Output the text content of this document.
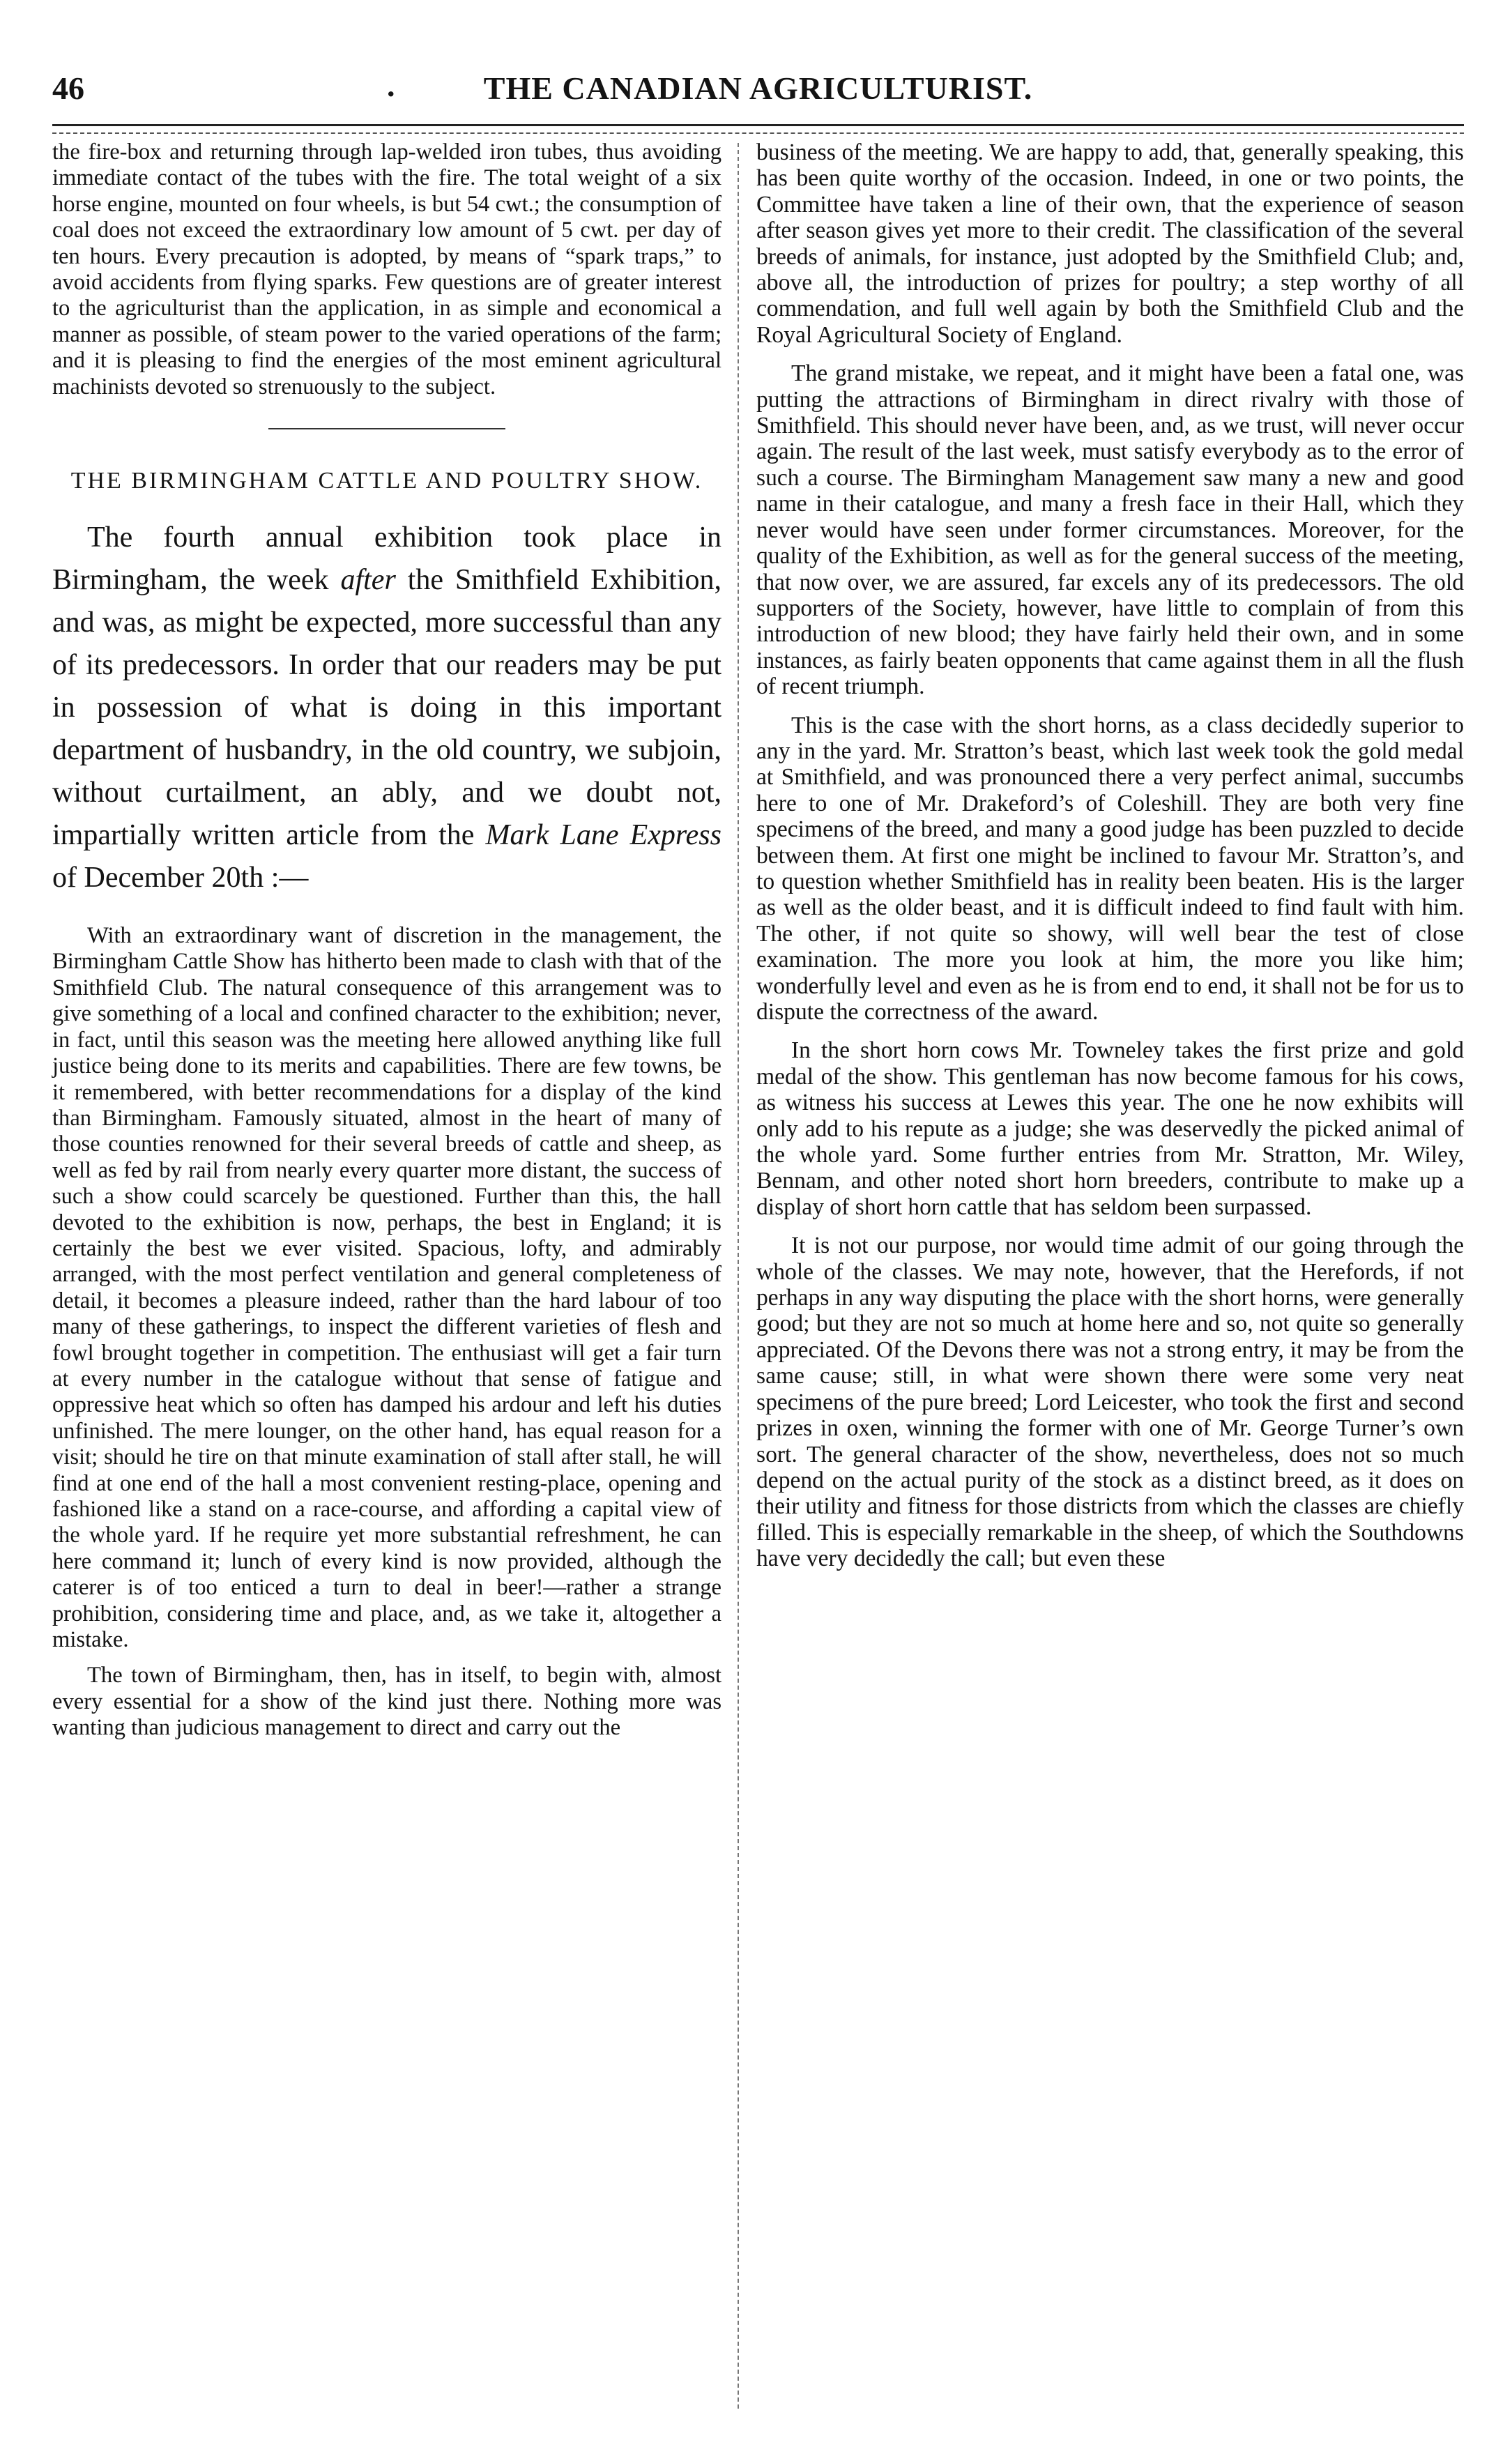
46	.	THE CANADIAN AGRICULTURIST.

the fire-box and returning through lap-welded iron tubes, thus avoiding immediate contact of the tubes with the fire. The total weight of a six horse engine, mounted on four wheels, is but 54 cwt.; the consumption of coal does not exceed the extraordinary low amount of 5 cwt. per day of ten hours. Every precaution is adopted, by means of “spark traps,” to avoid accidents from flying sparks. Few questions are of greater interest to the agriculturist than the application, in as simple and economical a manner as possible, of steam power to the varied operations of the farm; and it is pleasing to find the energies of the most eminent agricultural machinists devoted so strenuously to the subject.

THE BIRMINGHAM CATTLE AND POULTRY SHOW.

The fourth annual exhibition took place in Birmingham, the week after the Smithfield Exhibition, and was, as might be expected, more successful than any of its predecessors. In order that our readers may be put in possession of what is doing in this important department of husbandry, in the old country, we subjoin, without curtailment, an ably, and we doubt not, impartially written article from the Mark Lane Express of December 20th :—

With an extraordinary want of discretion in the management, the Birmingham Cattle Show has hitherto been made to clash with that of the Smithfield Club. The natural consequence of this arrangement was to give something of a local and confined character to the exhibition; never, in fact, until this season was the meeting here allowed anything like full justice being done to its merits and capabilities. There are few towns, be it remembered, with better recommendations for a display of the kind than Birmingham. Famously situated, almost in the heart of many of those counties renowned for their several breeds of cattle and sheep, as well as fed by rail from nearly every quarter more distant, the success of such a show could scarcely be questioned. Further than this, the hall devoted to the exhibition is now, perhaps, the best in England; it is certainly the best we ever visited. Spacious, lofty, and admirably arranged, with the most perfect ventilation and general completeness of detail, it becomes a pleasure indeed, rather than the hard labour of too many of these gatherings, to inspect the different varieties of flesh and fowl brought together in competition. The enthusiast will get a fair turn at every number in the catalogue without that sense of fatigue and oppressive heat which so often has damped his ardour and left his duties unfinished. The mere lounger, on the other hand, has equal reason for a visit; should he tire on that minute examination of stall after stall, he will find at one end of the hall a most convenient resting-place, opening and fashioned like a stand on a race-course, and affording a capital view of the whole yard. If he require yet more substantial refreshment, he can here command it; lunch of every kind is now provided, although the caterer is of too enticed a turn to deal in beer!—rather a strange prohibition, considering time and place, and, as we take it, altogether a mistake.

The town of Birmingham, then, has in itself, to begin with, almost every essential for a show of the kind just there. Nothing more was wanting than judicious management to direct and carry out the

business of the meeting. We are happy to add, that, generally speaking, this has been quite worthy of the occasion. Indeed, in one or two points, the Committee have taken a line of their own, that the experience of season after season gives yet more to their credit. The classification of the several breeds of animals, for instance, just adopted by the Smithfield Club; and, above all, the introduction of prizes for poultry; a step worthy of all commendation, and full well again by both the Smithfield Club and the Royal Agricultural Society of England.

The grand mistake, we repeat, and it might have been a fatal one, was putting the attractions of Birmingham in direct rivalry with those of Smithfield. This should never have been, and, as we trust, will never occur again. The result of the last week, must satisfy everybody as to the error of such a course. The Birmingham Management saw many a new and good name in their catalogue, and many a fresh face in their Hall, which they never would have seen under former circumstances. Moreover, for the quality of the Exhibition, as well as for the general success of the meeting, that now over, we are assured, far excels any of its predecessors. The old supporters of the Society, however, have little to complain of from this introduction of new blood; they have fairly held their own, and in some instances, as fairly beaten opponents that came against them in all the flush of recent triumph.

This is the case with the short horns, as a class decidedly superior to any in the yard. Mr. Stratton’s beast, which last week took the gold medal at Smithfield, and was pronounced there a very perfect animal, succumbs here to one of Mr. Drakeford’s of Coleshill. They are both very fine specimens of the breed, and many a good judge has been puzzled to decide between them. At first one might be inclined to favour Mr. Stratton’s, and to question whether Smithfield has in reality been beaten. His is the larger as well as the older beast, and it is difficult indeed to find fault with him. The other, if not quite so showy, will well bear the test of close examination. The more you look at him, the more you like him; wonderfully level and even as he is from end to end, it shall not be for us to dispute the correctness of the award.

In the short horn cows Mr. Towneley takes the first prize and gold medal of the show. This gentleman has now become famous for his cows, as witness his success at Lewes this year. The one he now exhibits will only add to his repute as a judge; she was deservedly the picked animal of the whole yard. Some further entries from Mr. Stratton, Mr. Wiley, Bennam, and other noted short horn breeders, contribute to make up a display of short horn cattle that has seldom been surpassed.

It is not our purpose, nor would time admit of our going through the whole of the classes. We may note, however, that the Herefords, if not perhaps in any way disputing the place with the short horns, were generally good; but they are not so much at home here and so, not quite so generally appreciated. Of the Devons there was not a strong entry, it may be from the same cause; still, in what were shown there were some very neat specimens of the pure breed; Lord Leicester, who took the first and second prizes in oxen, winning the former with one of Mr. George Turner’s own sort. The general character of the show, nevertheless, does not so much depend on the actual purity of the stock as a distinct breed, as it does on their utility and fitness for those districts from which the classes are chiefly filled. This is especially remarkable in the sheep, of which the Southdowns have very decidedly the call; but even these
